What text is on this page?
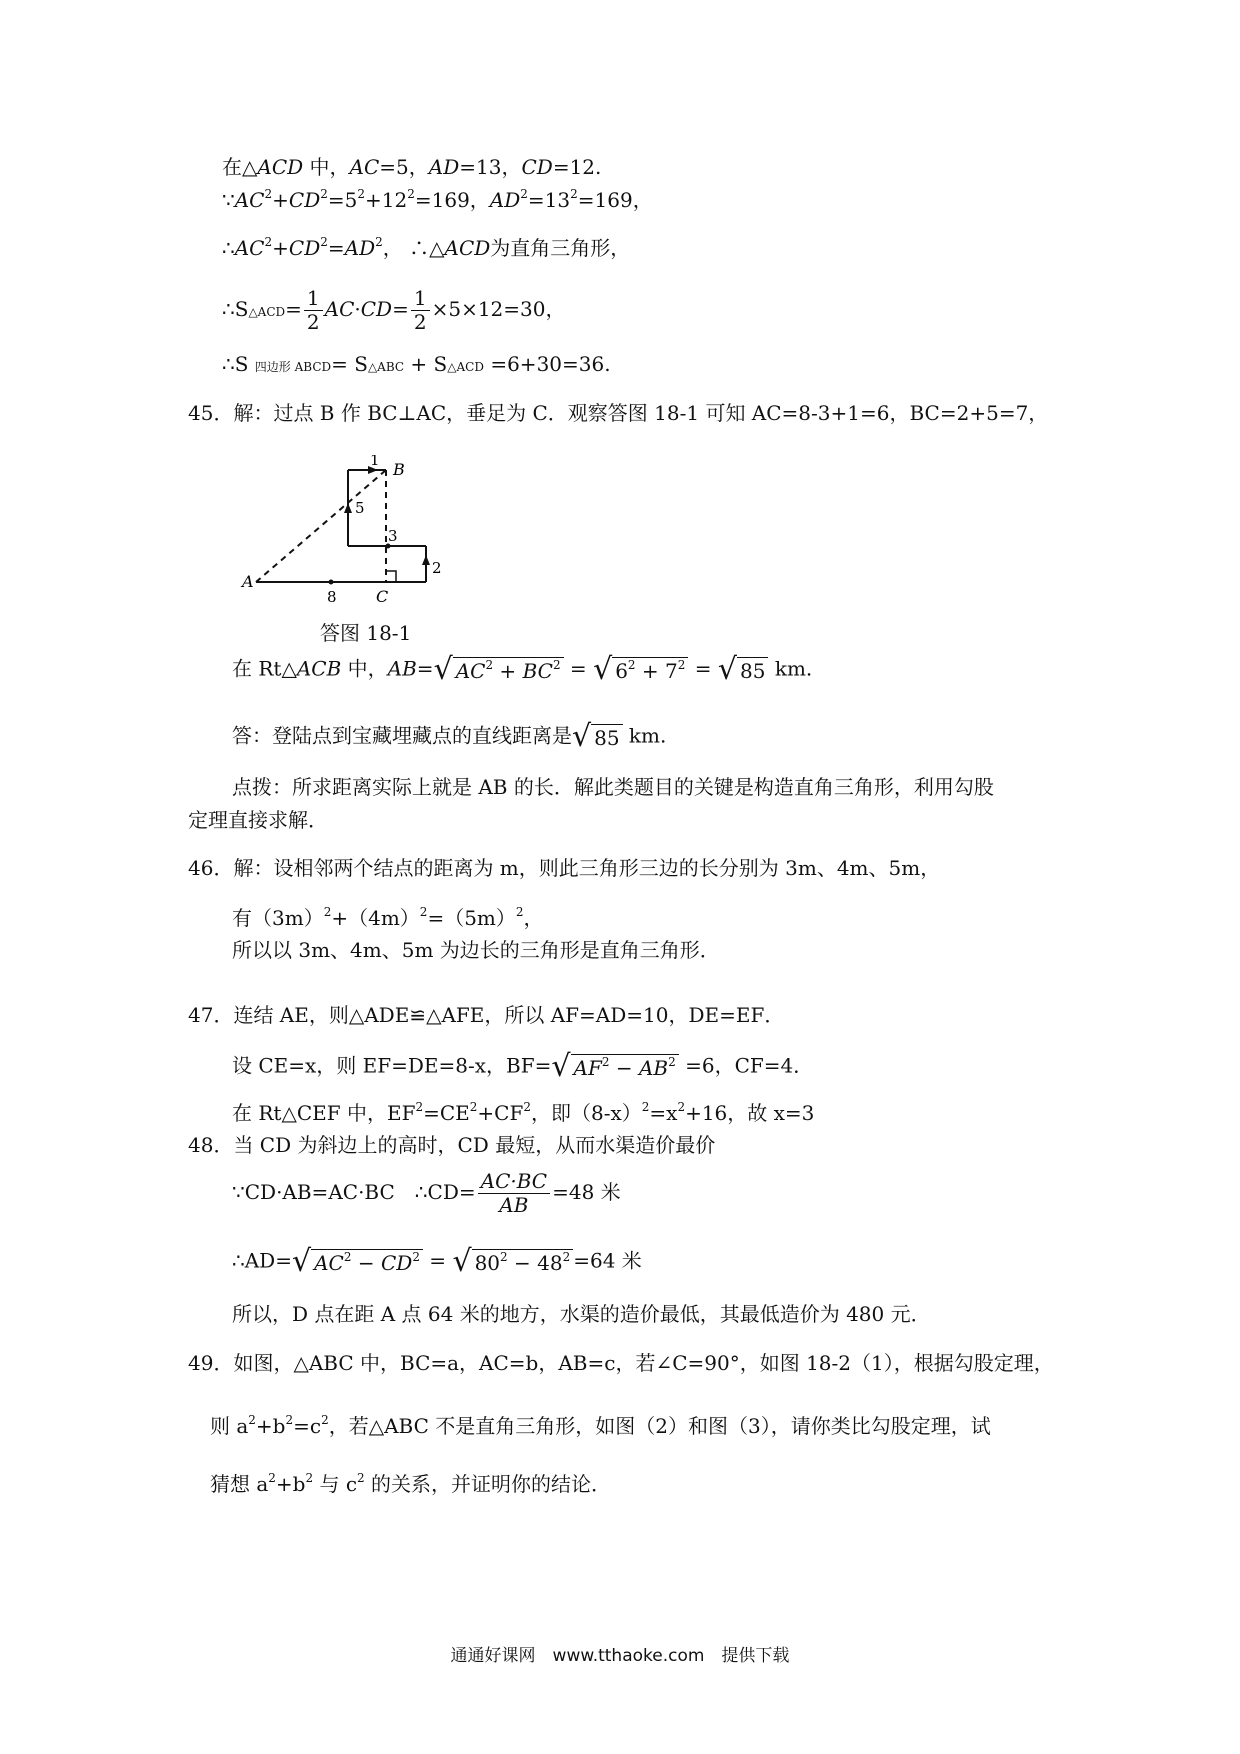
在△ACD 中，AC=5，AD=13，CD=12.
$\because AC^2+CD^2=5^2+12^2=169$，$AD^2=13^2=169$，
$\therefore AC^2+CD^2=AD^2$， ∴△ACD为直角三角形，
∴S△ACD= $\frac{1}{2} AC\cdot CD= \frac{1}{2} \times 5\times 12=30$，
∴S 四边形 ABCD= S△ABC + S△ACD =6+30=36.
45．解：过点 B 作 BC⊥AC，垂足为 C．观察答图 18-1 可知 AC=8-3+1=6，BC=2+5=7，
A
B
C
1
5
3
2
8
答图 18-1
在 Rt△ACB 中，AB=√ $AC^2 + BC^2$ = √ $6^2 + 7^2$ = √ 85 km.
答：登陆点到宝藏埋藏点的直线距离是√ 85 km.
点拨：所求距离实际上就是 AB 的长．解此类题目的关键是构造直角三角形，利用勾股
定理直接求解．
46．解：设相邻两个结点的距离为 m，则此三角形三边的长分别为 3m、4m、5m，
有$(3m)^2+(4m)^2=(5m)^2$，
所以以 3m、4m、5m 为边长的三角形是直角三角形．
47．连结 AE，则△ADE≌△AFE，所以 AF=AD=10，DE=EF．
设 CE=x，则 EF=DE=8-x，BF=√ $AF^2 - AB^2 =6$，CF=4．
在 Rt△CEF 中，$EF^2=CE^2+CF^2$，即$(8-x)^2=x^2+16$，故 x=3
48．当 CD 为斜边上的高时，CD 最短，从而水渠造价最价
∵CD·AB=AC·BC　∴CD= $\frac{AC\cdot BC}{AB} =48$ 米
∴AD=√ $AC^2 - CD^2$ = √ $80^2 - 48^2 =64$ 米
所以，D 点在距 A 点 64 米的地方，水渠的造价最低，其最低造价为 480 元．
49．如图，△ABC 中，BC=a，AC=b，AB=c，若∠C=90°，如图 18-2（1），根据勾股定理，
则 $a^2+b^2=c^2$，若△ABC 不是直角三角形，如图（2）和图（3），请你类比勾股定理，试
猜想 $a^2+b^2$ 与 $c^2$ 的关系，并证明你的结论．
通通好课网　www.tthaoke.com　提供下载
